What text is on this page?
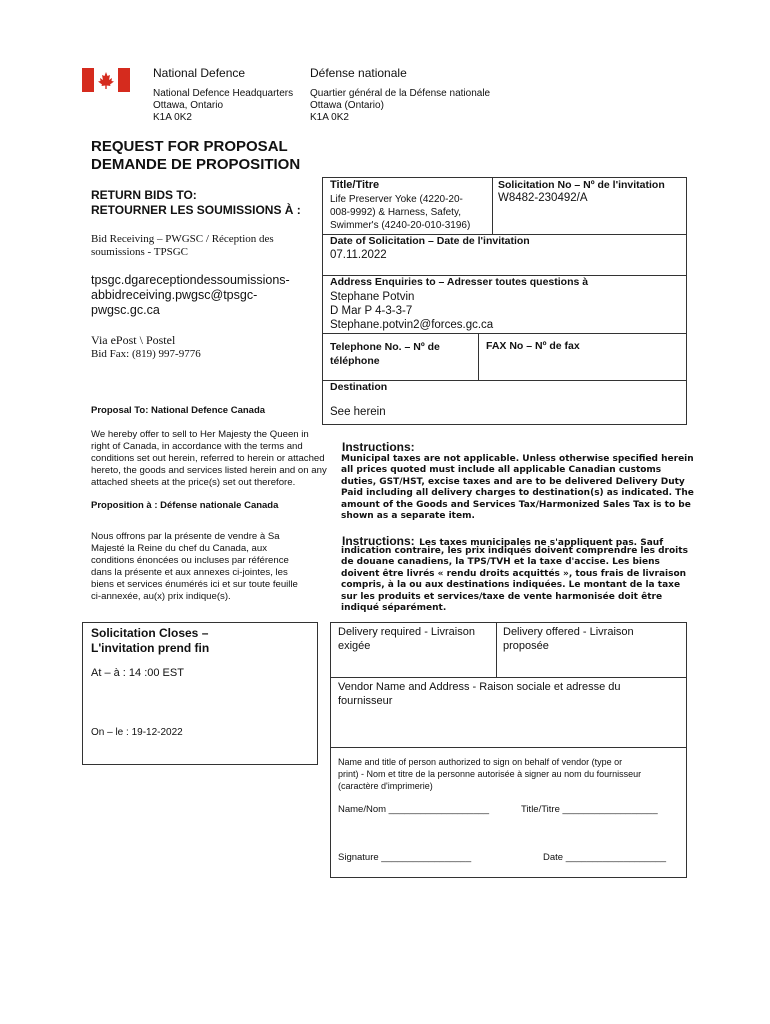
National Defence
National Defence Headquarters
Ottawa, Ontario
K1A 0K2
Défense nationale
Quartier général de la Défense nationale
Ottawa (Ontario)
K1A 0K2
REQUEST FOR PROPOSAL
DEMANDE DE PROPOSITION
RETURN BIDS TO:
RETOURNER LES SOUMISSIONS À :
Bid Receiving – PWGSC / Réception des
soumissions - TPSGC
tpsgc.dgareceptiondessoumissions-
abbidreceiving.pwgsc@tpsgc-
pwgsc.gc.ca
Via ePost \ Postel
Bid Fax: (819) 997-9776
Proposal To: National Defence Canada
We hereby offer to sell to Her Majesty the Queen in
right of Canada, in accordance with the terms and
conditions set out herein, referred to herein or attached
hereto, the goods and services listed herein and on any
attached sheets at the price(s) set out therefore.
Proposition à : Défense nationale Canada
Nous offrons par la présente de vendre à Sa
Majesté la Reine du chef du Canada, aux
conditions énoncées ou incluses par référence
dans la présente et aux annexes ci-jointes, les
biens et services énumérés ici et sur toute feuille
ci-annexée, au(x) prix indique(s).
Solicitation Closes –
L'invitation prend fin
At – à : 14 :00 EST
On – le : 19-12-2022
Title/Titre
Life Preserver Yoke (4220-20-
008-9992) & Harness, Safety,
Swimmer's (4240-20-010-3196)
Solicitation No – Nº de l'invitation
W8482-230492/A
Date of Solicitation – Date de l'invitation
07.11.2022
Address Enquiries to – Adresser toutes questions à
Stephane Potvin
D Mar P 4-3-3-7
Stephane.potvin2@forces.gc.ca
Telephone No. – Nº de
téléphone
FAX No – Nº de fax
Destination
See herein
Instructions:
Municipal taxes are not applicable. Unless otherwise specified herein
all prices quoted must include all applicable Canadian customs
duties, GST/HST, excise taxes and are to be delivered Delivery Duty
Paid including all delivery charges to destination(s) as indicated. The
amount of the Goods and Services Tax/Harmonized Sales Tax is to be
shown as a separate item.
Instructions: Les taxes municipales ne s'appliquent pas. Sauf
indication contraire, les prix indiqués doivent comprendre les droits
de douane canadiens, la TPS/TVH et la taxe d'accise. Les biens
doivent être livrés « rendu droits acquittés », tous frais de livraison
compris, à la ou aux destinations indiquées. Le montant de la taxe
sur les produits et services/taxe de vente harmonisée doit être
indiqué séparément.
Delivery required - Livraison
exigée
Delivery offered - Livraison
proposée
Vendor Name and Address - Raison sociale et adresse du
fournisseur
Name and title of person authorized to sign on behalf of vendor (type or
print) - Nom et titre de la personne autorisée à signer au nom du fournisseur
(caractère d'imprimerie)
Name/Nom ___________________	Title/Titre __________________
Signature _________________	Date ___________________
